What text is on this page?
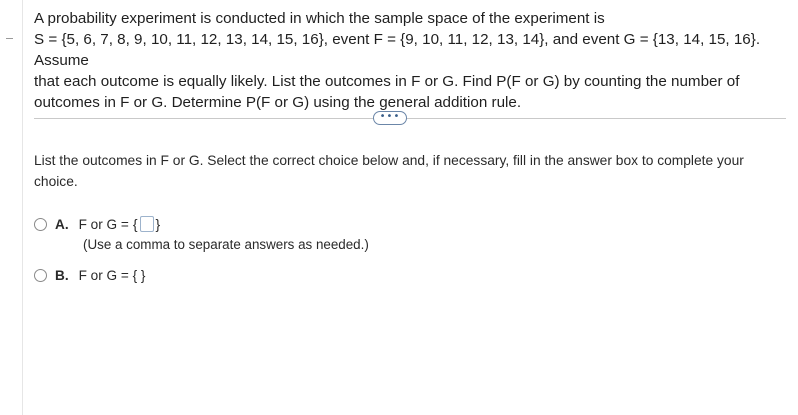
A probability experiment is conducted in which the sample space of the experiment is

S = {5, 6, 7, 8, 9, 10, 11, 12, 13, 14, 15, 16}, event F = {9, 10, 11, 12, 13, 14}, and event G = {13, 14, 15, 16}. Assume

that each outcome is equally likely. List the outcomes in F or G. Find P(F or G) by counting the number of

outcomes in F or G. Determine P(F or G) using the general addition rule.

•••
List the outcomes in F or G. Select the correct choice below and, if necessary, fill in the answer box to complete your choice.
A. F or G = { }
(Use a comma to separate answers as needed.)
B. F or G = { }
